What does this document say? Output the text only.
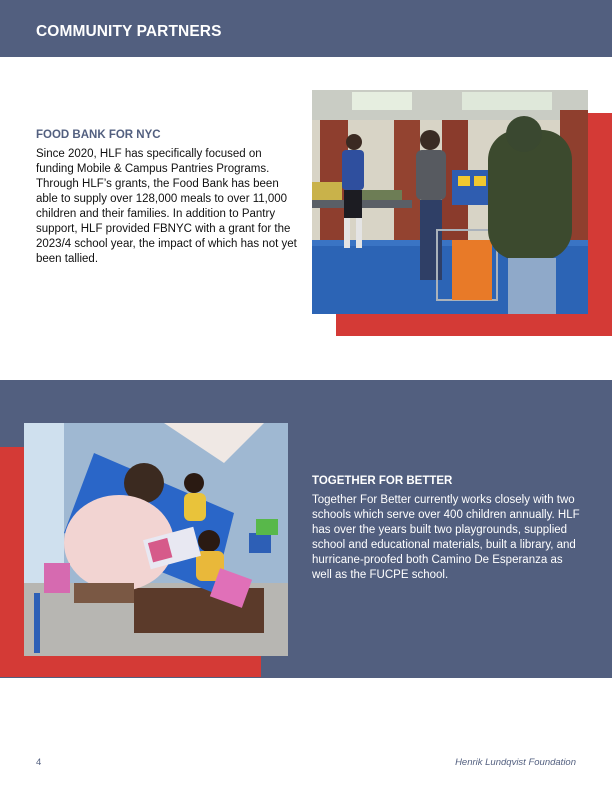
COMMUNITY PARTNERS
FOOD BANK FOR NYC
Since 2020, HLF has specifically focused on funding Mobile & Campus Pantries Programs. Through HLF’s grants, the Food Bank has been able to supply over 128,000 meals to over 11,000 children and their families. In addition to Pantry support, HLF provided FBNYC with a grant for the 2023/4 school year, the impact of which has not yet been tallied.
TOGETHER FOR BETTER
Together For Better currently works closely with two schools which serve over 400 children annually. HLF has over the years built two playgrounds, supplied school and educational materials, built a library, and hurricane-proofed both Camino De Esperanza as well as the FUCPE school.
4	Henrik Lundqvist Foundation
